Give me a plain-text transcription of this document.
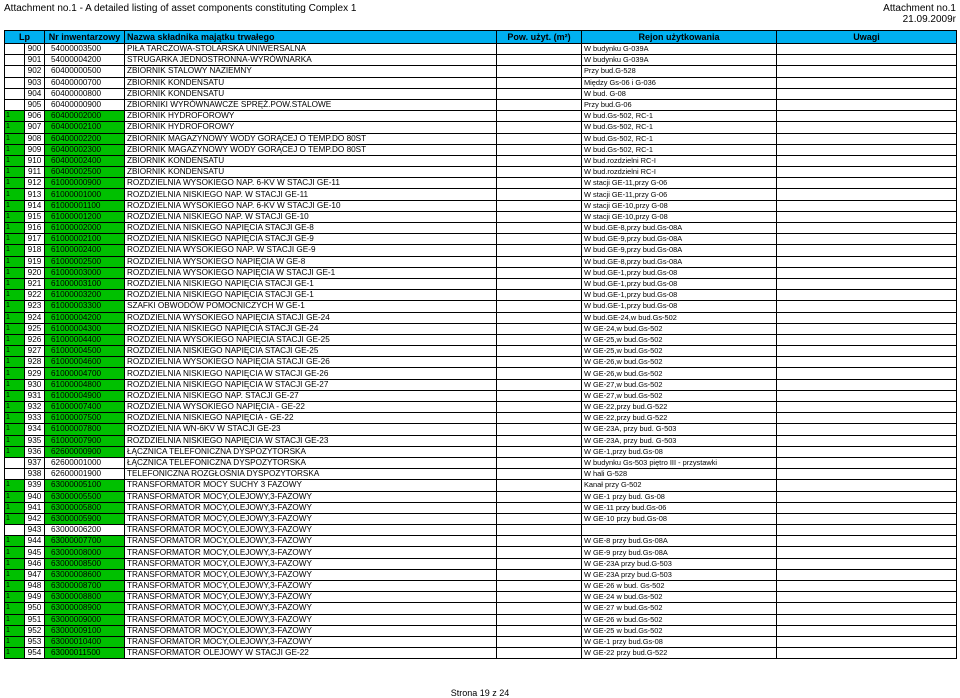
Attachment no.1 - A detailed listing of asset components constituting Complex 1	Attachment no.1
21.09.2009r
Lp		Nr inwentarzowy	Nazwa składnika majątku trwałego	Pow. użyt. (m²)	Rejon użytkowania	Uwagi
	900	54000003500	PIŁA TARCZOWA-STOLARSKA UNIWERSALNA		W budynku G-039A	
	901	54000004200	STRUGARKA JEDNOSTRONNA-WYRÓWNARKA		W budynku G-039A	
	902	60400000500	ZBIORNIK STALOWY NAZIEMNY		Przy bud.G-528	
	903	60400000700	ZBIORNIK KONDENSATU		Między Gs-06 i G-036	
	904	60400000800	ZBIORNIK KONDENSATU		W bud. G-08	
	905	60400000900	ZBIORNIKI WYRÓWNAWCZE SPRĘŻ.POW.STALOWE		Przy bud.G-06	
1	906	60400002000	ZBIORNIK HYDROFOROWY		W bud.Gs-502, RC-1	
1	907	60400002100	ZBIORNIK HYDROFOROWY		W bud.Gs-502, RC-1	
1	908	60400002200	ZBIORNIK MAGAZYNOWY WODY GORĄCEJ O TEMP.DO 80ST		W bud.Gs-502, RC-1	
1	909	60400002300	ZBIORNIK MAGAZYNOWY WODY GORĄCEJ O TEMP.DO 80ST		W bud.Gs-502, RC-1	
1	910	60400002400	ZBIORNIK KONDENSATU		W bud.rozdzielni RC-I	
1	911	60400002500	ZBIORNIK KONDENSATU		W bud.rozdzielni RC-I	
1	912	61000000900	ROZDZIELNIA WYSOKIEGO NAP. 6-KV W STACJI GE-11		W stacji GE-11,przy G-06	
1	913	61000001000	ROZDZIELNIA NISKIEGO NAP. W STACJI GE-11		W stacji GE-11,przy G-06	
1	914	61000001100	ROZDZIELNIA WYSOKIEGO NAP. 6-KV W STACJI GE-10		W stacji GE-10,przy G-08	
1	915	61000001200	ROZDZIELNIA NISKIEGO NAP. W STACJI GE-10		W stacji GE-10,przy G-08	
1	916	61000002000	ROZDZIELNIA NISKIEGO NAPIĘCIA STACJI GE-8		W bud.GE-8,przy bud.Gs-08A	
1	917	61000002100	ROZDZIELNIA NISKIEGO NAPIĘCIA STACJI GE-9		W bud.GE-9,przy bud.Gs-08A	
1	918	61000002400	ROZDZIELNIA WYSOKIEGO NAP. W STACJI GE-9		W bud.GE-9,przy bud.Gs-08A	
1	919	61000002500	ROZDZIELNIA WYSOKIEGO NAPIĘCIA W GE-8		W bud.GE-8,przy bud.Gs-08A	
1	920	61000003000	ROZDZIELNIA WYSOKIEGO NAPIĘCIA W STACJI GE-1		W bud.GE-1,przy bud.Gs-08	
1	921	61000003100	ROZDZIELNIA NISKIEGO NAPIĘCIA STACJI GE-1		W bud.GE-1,przy bud.Gs-08	
1	922	61000003200	ROZDZIELNIA NISKIEGO NAPIĘCIA STACJI GE-1		W bud.GE-1,przy bud.Gs-08	
1	923	61000003300	SZAFKI OBWODÓW POMOCNICZYCH W GE-1		W bud.GE-1,przy bud.Gs-08	
1	924	61000004200	ROZDZIELNIA WYSOKIEGO NAPIĘCIA STACJI GE-24		W bud.GE-24,w bud.Gs-502	
1	925	61000004300	ROZDZIELNIA NISKIEGO NAPIĘCIA STACJI GE-24		W GE-24,w bud.Gs-502	
1	926	61000004400	ROZDZIELNIA WYSOKIEGO NAPIĘCIA STACJI GE-25		W GE-25,w bud.Gs-502	
1	927	61000004500	ROZDZIELNIA NISKIEGO NAPIĘCIA STACJI GE-25		W GE-25,w bud.Gs-502	
1	928	61000004600	ROZDZIELNIA WYSOKIEGO NAPIĘCIA STACJI GE-26		W GE-26,w bud.Gs-502	
1	929	61000004700	ROZDZIELNIA NISKIEGO NAPIĘCIA W STACJI GE-26		W GE-26,w bud.Gs-502	
1	930	61000004800	ROZDZIELNIA NISKIEGO NAPIĘCIA W STACJI GE-27		W GE-27,w bud.Gs-502	
1	931	61000004900	ROZDZIELNIA NISKIEGO NAP. STACJI GE-27		W GE-27,w bud.Gs-502	
1	932	61000007400	ROZDZIELNIA WYSOKIEGO NAPIĘCIA - GE-22		W GE-22,przy bud.G-522	
1	933	61000007500	ROZDZIELNIA NISKIEGO NAPIĘCIA - GE-22		W GE-22,przy bud.G-522	
1	934	61000007800	ROZDZIELNIA WN-6KV W STACJI GE-23		W GE-23A, przy bud. G-503	
1	935	61000007900	ROZDZIELNIA NISKIEGO NAPIĘCIA W STACJI GE-23		W GE-23A, przy bud. G-503	
1	936	62600000900	ŁĄCZNICA TELEFONICZNA DYSPOZYTORSKA		W GE-1,przy bud.Gs-08	
	937	62600001000	ŁĄCZNICA TELEFONICZNA DYSPOZYTORSKA		W budynku Gs-503 piętro III - przystawki	
	938	62600001900	TELEFONICZNA ROZGŁOŚNIA DYSPOZYTORSKA		W hali G-528	
1	939	63000005100	TRANSFORMATOR MOCY SUCHY 3 FAZOWY		Kanał przy G-502	
1	940	63000005500	TRANSFORMATOR MOCY,OLEJOWY,3-FAZOWY		W GE-1 przy bud. Gs-08	
1	941	63000005800	TRANSFORMATOR MOCY,OLEJOWY,3-FAZOWY		W GE-11 przy bud.Gs-06	
1	942	63000005900	TRANSFORMATOR MOCY,OLEJOWY,3-FAZOWY		W GE-10 przy bud.Gs-08	
	943	63000006200	TRANSFORMATOR MOCY,OLEJOWY,3-FAZOWY			
1	944	63000007700	TRANSFORMATOR MOCY,OLEJOWY,3-FAZOWY		W GE-8 przy bud.Gs-08A	
1	945	63000008000	TRANSFORMATOR MOCY,OLEJOWY,3-FAZOWY		W GE-9 przy bud.Gs-08A	
1	946	63000008500	TRANSFORMATOR MOCY,OLEJOWY,3-FAZOWY		W GE-23A przy bud.G-503	
1	947	63000008600	TRANSFORMATOR MOCY,OLEJOWY,3-FAZOWY		W GE-23A przy bud.G-503	
1	948	63000008700	TRANSFORMATOR MOCY,OLEJOWY,3-FAZOWY		W GE-26 w bud. Gs-502	
1	949	63000008800	TRANSFORMATOR MOCY,OLEJOWY,3-FAZOWY		W GE-24 w bud.Gs-502	
1	950	63000008900	TRANSFORMATOR MOCY,OLEJOWY,3-FAZOWY		W GE-27 w bud.Gs-502	
1	951	63000009000	TRANSFORMATOR MOCY,OLEJOWY,3-FAZOWY		W GE-26 w bud.Gs-502	
1	952	63000009100	TRANSFORMATOR MOCY,OLEJOWY,3-FAZOWY		W GE-25 w bud.Gs-502	
1	953	63000010400	TRANSFORMATOR MOCY,OLEJOWY,3-FAZOWY		W GE-1 przy bud.Gs-08	
1	954	63000011500	TRANSFORMATOR OLEJOWY W STACJI GE-22		W GE-22 przy bud.G-522	
Strona 19 z 24
